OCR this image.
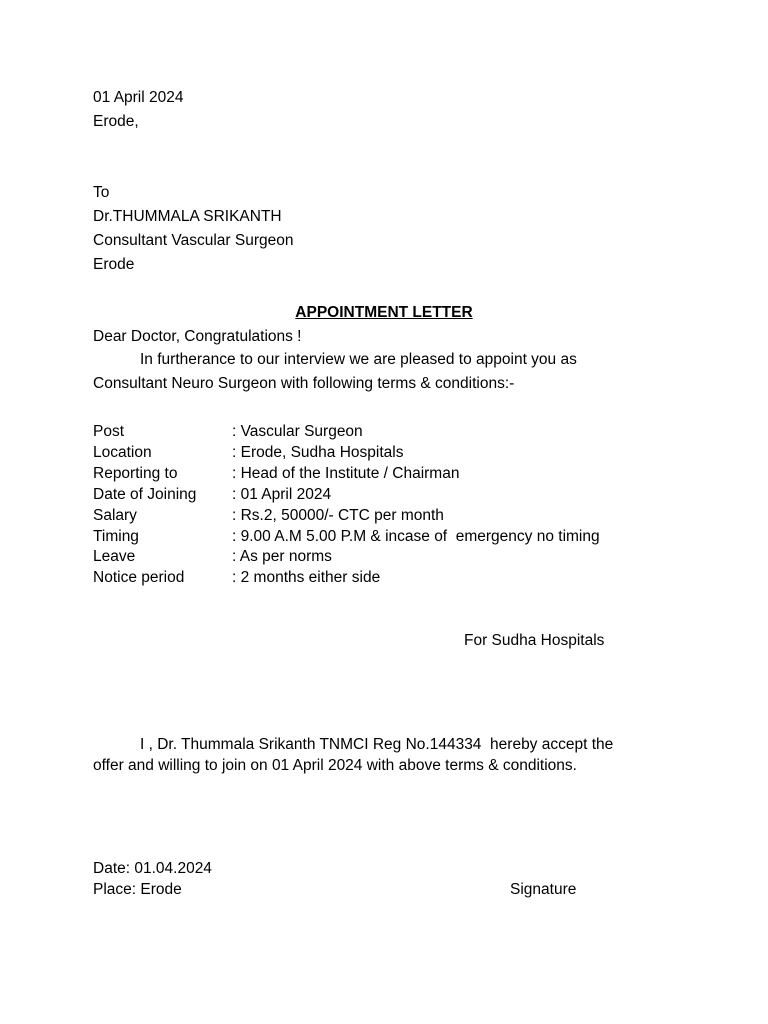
01 April 2024
Erode,
To
Dr.THUMMALA SRIKANTH
Consultant Vascular Surgeon
Erode
APPOINTMENT LETTER
Dear Doctor, Congratulations !
In furtherance to our interview we are pleased to appoint you as
Consultant Neuro Surgeon with following terms & conditions:-
Post	: Vascular Surgeon
Location	: Erode, Sudha Hospitals
Reporting to	: Head of the Institute / Chairman
Date of Joining : 01 April 2024
Salary	: Rs.2, 50000/- CTC per month
Timing	: 9.00 A.M 5.00 P.M & incase of  emergency no timing
Leave	: As per norms
Notice period	: 2 months either side
For Sudha Hospitals
I , Dr. Thummala Srikanth TNMCI Reg No.144334  hereby accept the
offer and willing to join on 01 April 2024 with above terms & conditions.
Date: 01.04.2024
Place: Erode	Signature
